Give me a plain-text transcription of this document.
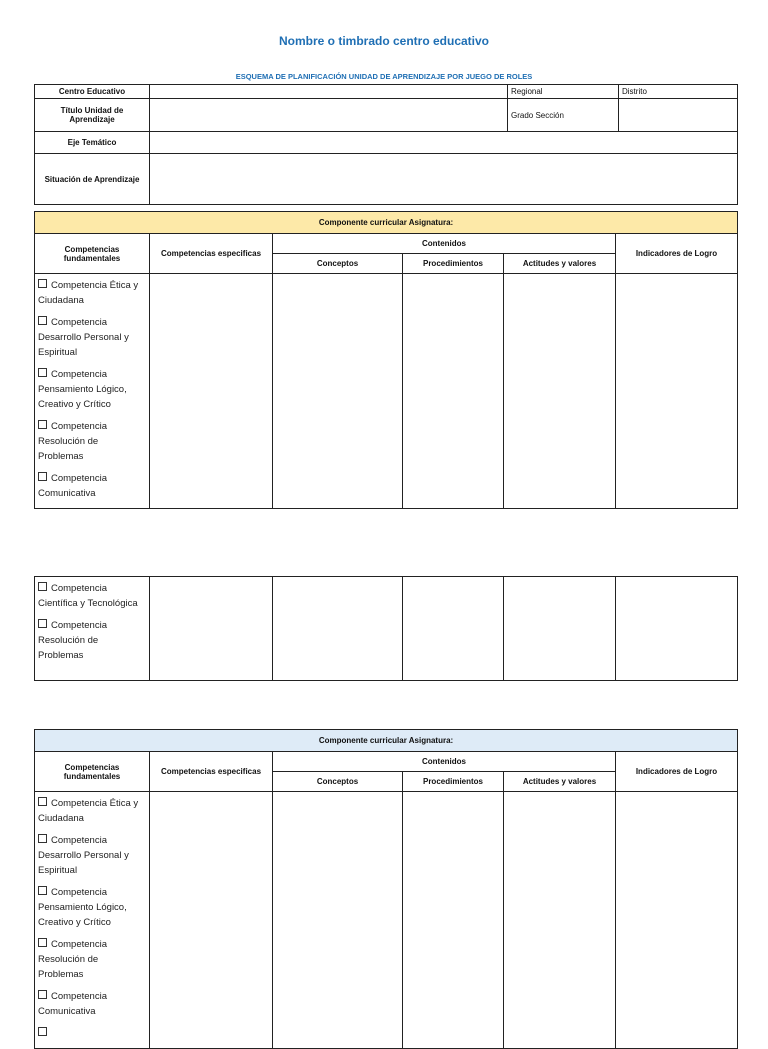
Nombre o timbrado centro educativo
ESQUEMA DE PLANIFICACIÓN UNIDAD DE APRENDIZAJE POR JUEGO DE ROLES
Centro Educativo		Regional	Distrito
Título Unidad de Aprendizaje		Grado Sección	
Eje Temático			
Situación de Aprendizaje			
Componente curricular Asignatura:					
Competencias fundamentales	Competencias especificas	Contenidos			Indicadores de Logro
		Conceptos	Procedimientos	Actitudes y valores	

Competencia Ética y Ciudadana
Competencia Desarrollo Personal y Espiritual
Competencia Pensamiento Lógico, Creativo y Crítico
Competencia Resolución de Problemas
Competencia Comunicativa					

Competencia Científica y Tecnológica
Competencia Resolución de Problemas

Componente curricular Asignatura:					
Competencias fundamentales	Competencias especificas	Contenidos			Indicadores de Logro
		Conceptos	Procedimientos	Actitudes y valores	

Competencia Ética y Ciudadana
Competencia Desarrollo Personal y Espiritual
Competencia Pensamiento Lógico, Creativo y Crítico
Competencia Resolución de Problemas
Competencia Comunicativa					
